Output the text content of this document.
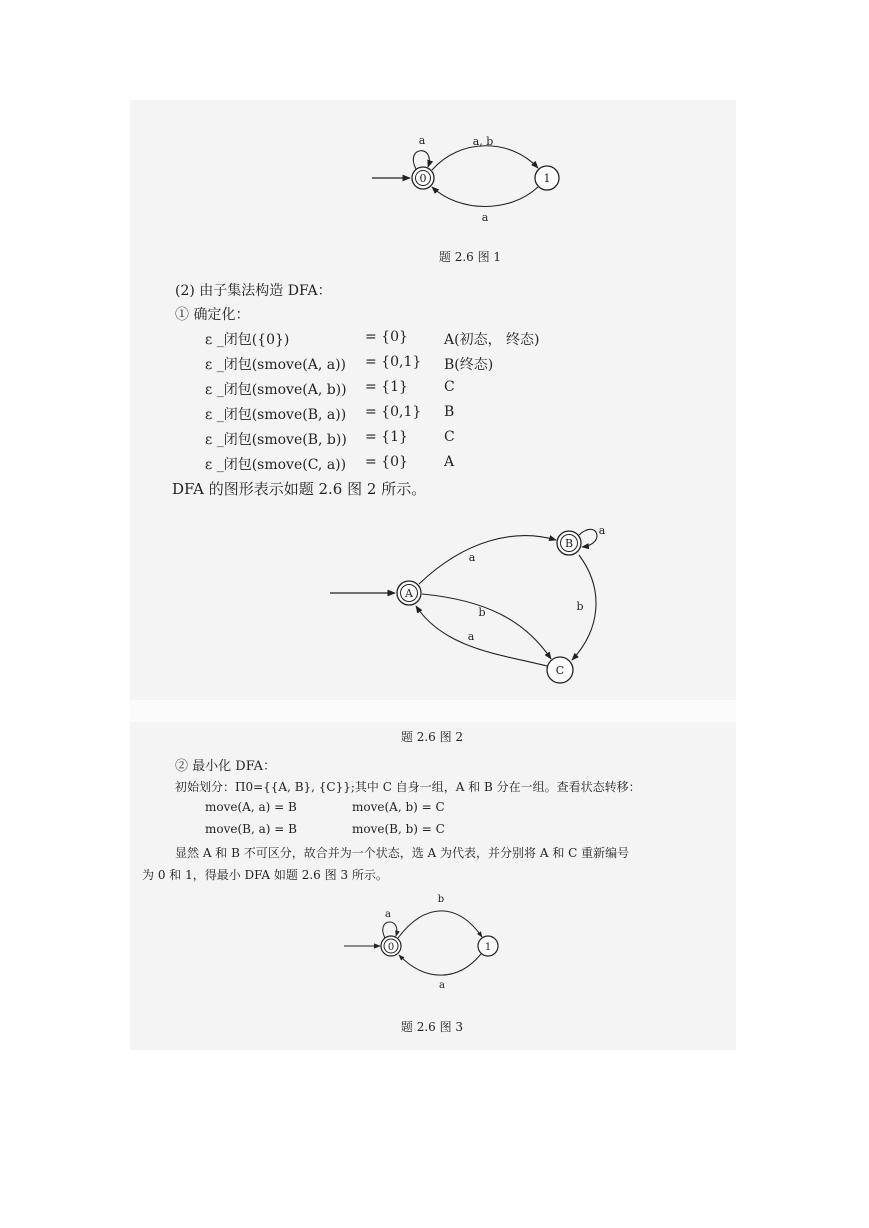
0
a
1
a, b
a
题 2.6 图 1
(2) 由子集法构造 DFA：
① 确定化：
ε _闭包({0})	= {0}	A(初态， 终态)
ε _闭包(smove(A, a)) = {0,1} B(终态)
ε _闭包(smove(A, b)) = {1}	C
ε _闭包(smove(B, a)) = {0,1} B
ε _闭包(smove(B, b)) = {1}	C
ε _闭包(smove(C, a)) = {0}	A
DFA 的图形表示如题 2.6 图 2 所示。
A
B
C
a
a
b
b
a
题 2.6 图 2
② 最小化 DFA：
初始划分：Π0={{A, B}, {C}};其中 C 自身一组，A 和 B 分在一组。查看状态转移：
move(A, a) = B	move(A, b) = C
move(B, a) = B	move(B, b) = C
显然 A 和 B 不可区分，故合并为一个状态，选 A 为代表，并分别将 A 和 C 重新编号
为 0 和 1，得最小 DFA 如题 2.6 图 3 所示。
0
a
1
b
a
题 2.6 图 3
